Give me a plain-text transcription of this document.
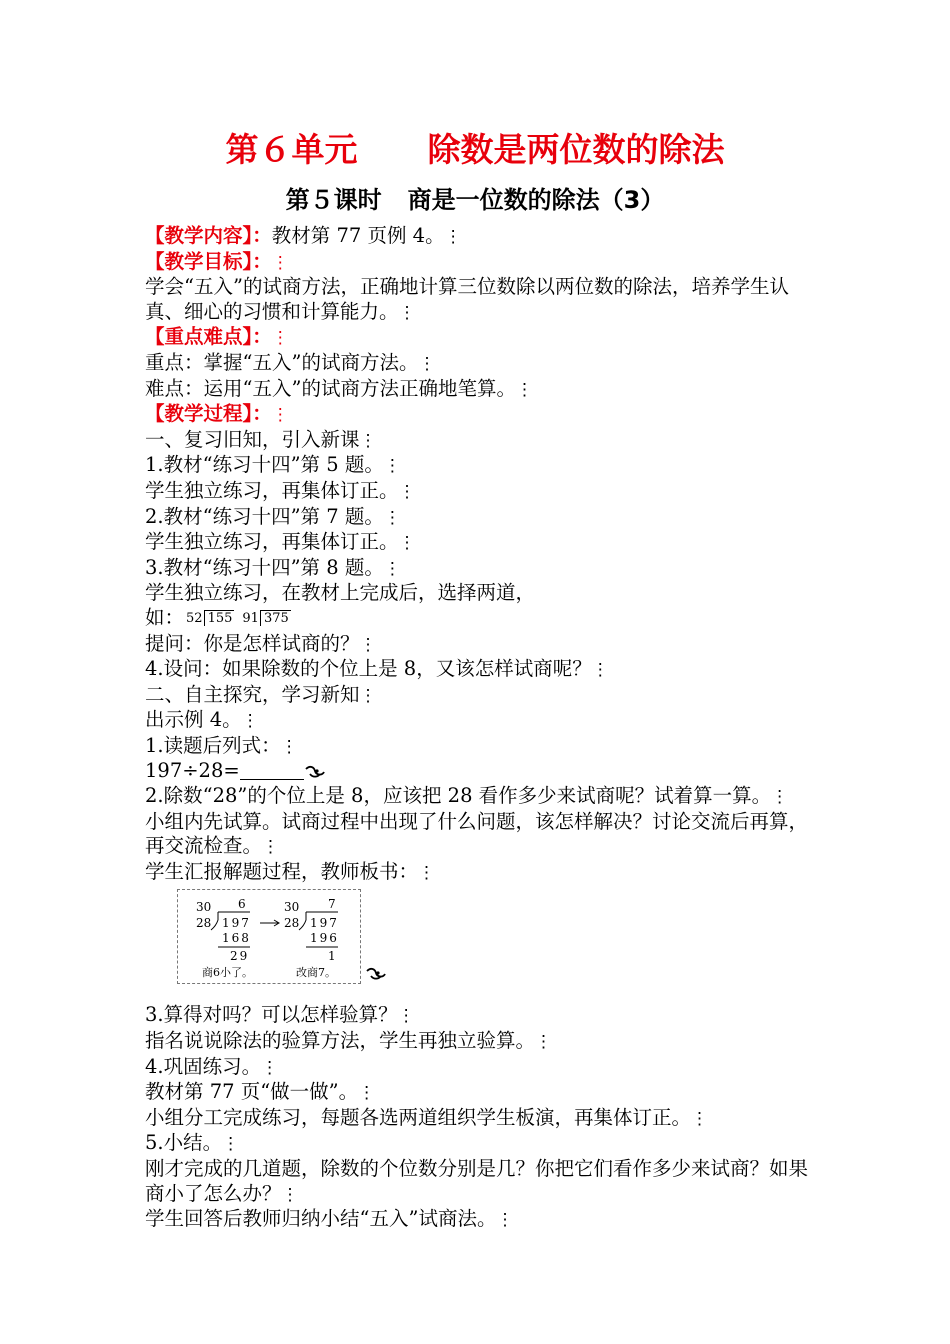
第６单元 除数是两位数的除法
第５课时 商是一位数的除法（3）
【教学内容】：教材第 77 页例 4。⋮
【教学目标】：⋮
学会“五入”的试商方法，正确地计算三位数除以两位数的除法，培养学生认真、细心的习惯和计算能力。⋮
【重点难点】：⋮
重点：掌握“五入”的试商方法。⋮
难点：运用“五入”的试商方法正确地笔算。⋮
【教学过程】：⋮
一、复习旧知，引入新课⋮
1.教材“练习十四”第 5 题。⋮
学生独立练习，再集体订正。⋮
2.教材“练习十四”第 7 题。⋮
学生独立练习，再集体订正。⋮
3.教材“练习十四”第 8 题。⋮
学生独立练习，在教材上完成后，选择两道，
如： 52 155 91 375
提问：你是怎样试商的？⋮
4.设问：如果除数的个位上是 8，又该怎样试商呢？⋮
二、自主探究，学习新知⋮
出示例 4。⋮
1.读题后列式：⋮
197÷28=
2.除数“28”的个位上是 8，应该把 28 看作多少来试商呢？试着算一算。⋮
小组内先试算。试商过程中出现了什么问题，该怎样解决？讨论交流后再算，再交流检查。⋮
学生汇报解题过程，教师板书：⋮
30 6
28 197
168
29
商6小了。
30 7
28 197
196
1
改商7。
3.算得对吗？可以怎样验算？⋮
指名说说除法的验算方法，学生再独立验算。⋮
4.巩固练习。⋮
教材第 77 页“做一做”。⋮
小组分工完成练习，每题各选两道组织学生板演，再集体订正。⋮
5.小结。⋮
刚才完成的几道题，除数的个位数分别是几？你把它们看作多少来试商？如果商小了怎么办？⋮
学生回答后教师归纳小结“五入”试商法。⋮
